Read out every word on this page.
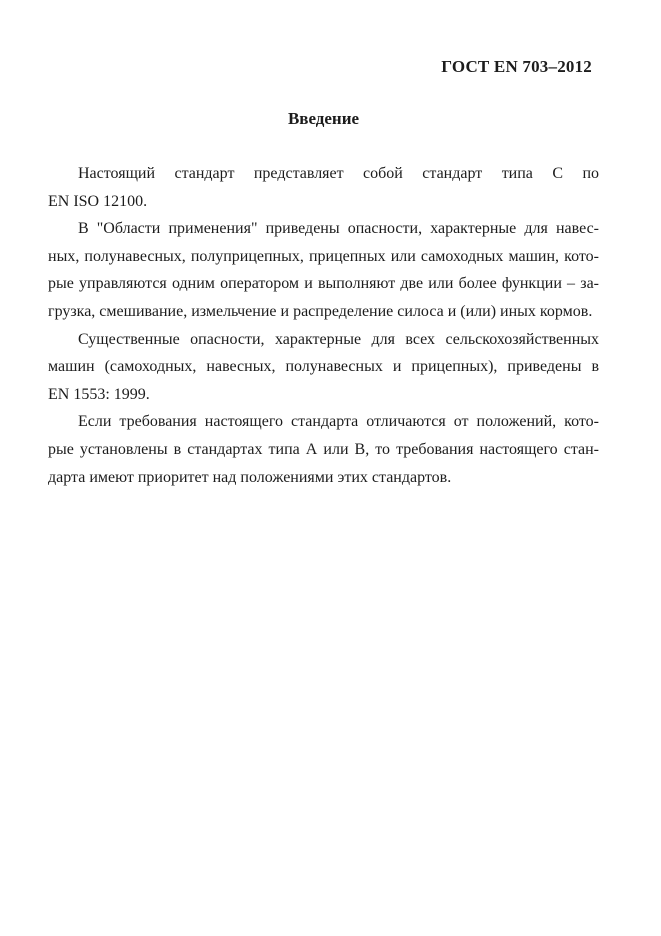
ГОСТ EN 703–2012
Введение

Настоящий стандарт представляет собой стандарт типа С по
EN ISO 12100.

В "Области применения" приведены опасности, характерные для навес-
ных, полунавесных, полуприцепных, прицепных или самоходных машин, кото-
рые управляются одним оператором и выполняют две или более функции – за-
грузка, смешивание, измельчение и распределение силоса и (или) иных кормов.

Существенные опасности, характерные для всех сельскохозяйственных
машин (самоходных, навесных, полунавесных и прицепных), приведены в
EN 1553: 1999.

Если требования настоящего стандарта отличаются от положений, кото-
рые установлены в стандартах типа А или В, то требования настоящего стан-
дарта имеют приоритет над положениями этих стандартов.
